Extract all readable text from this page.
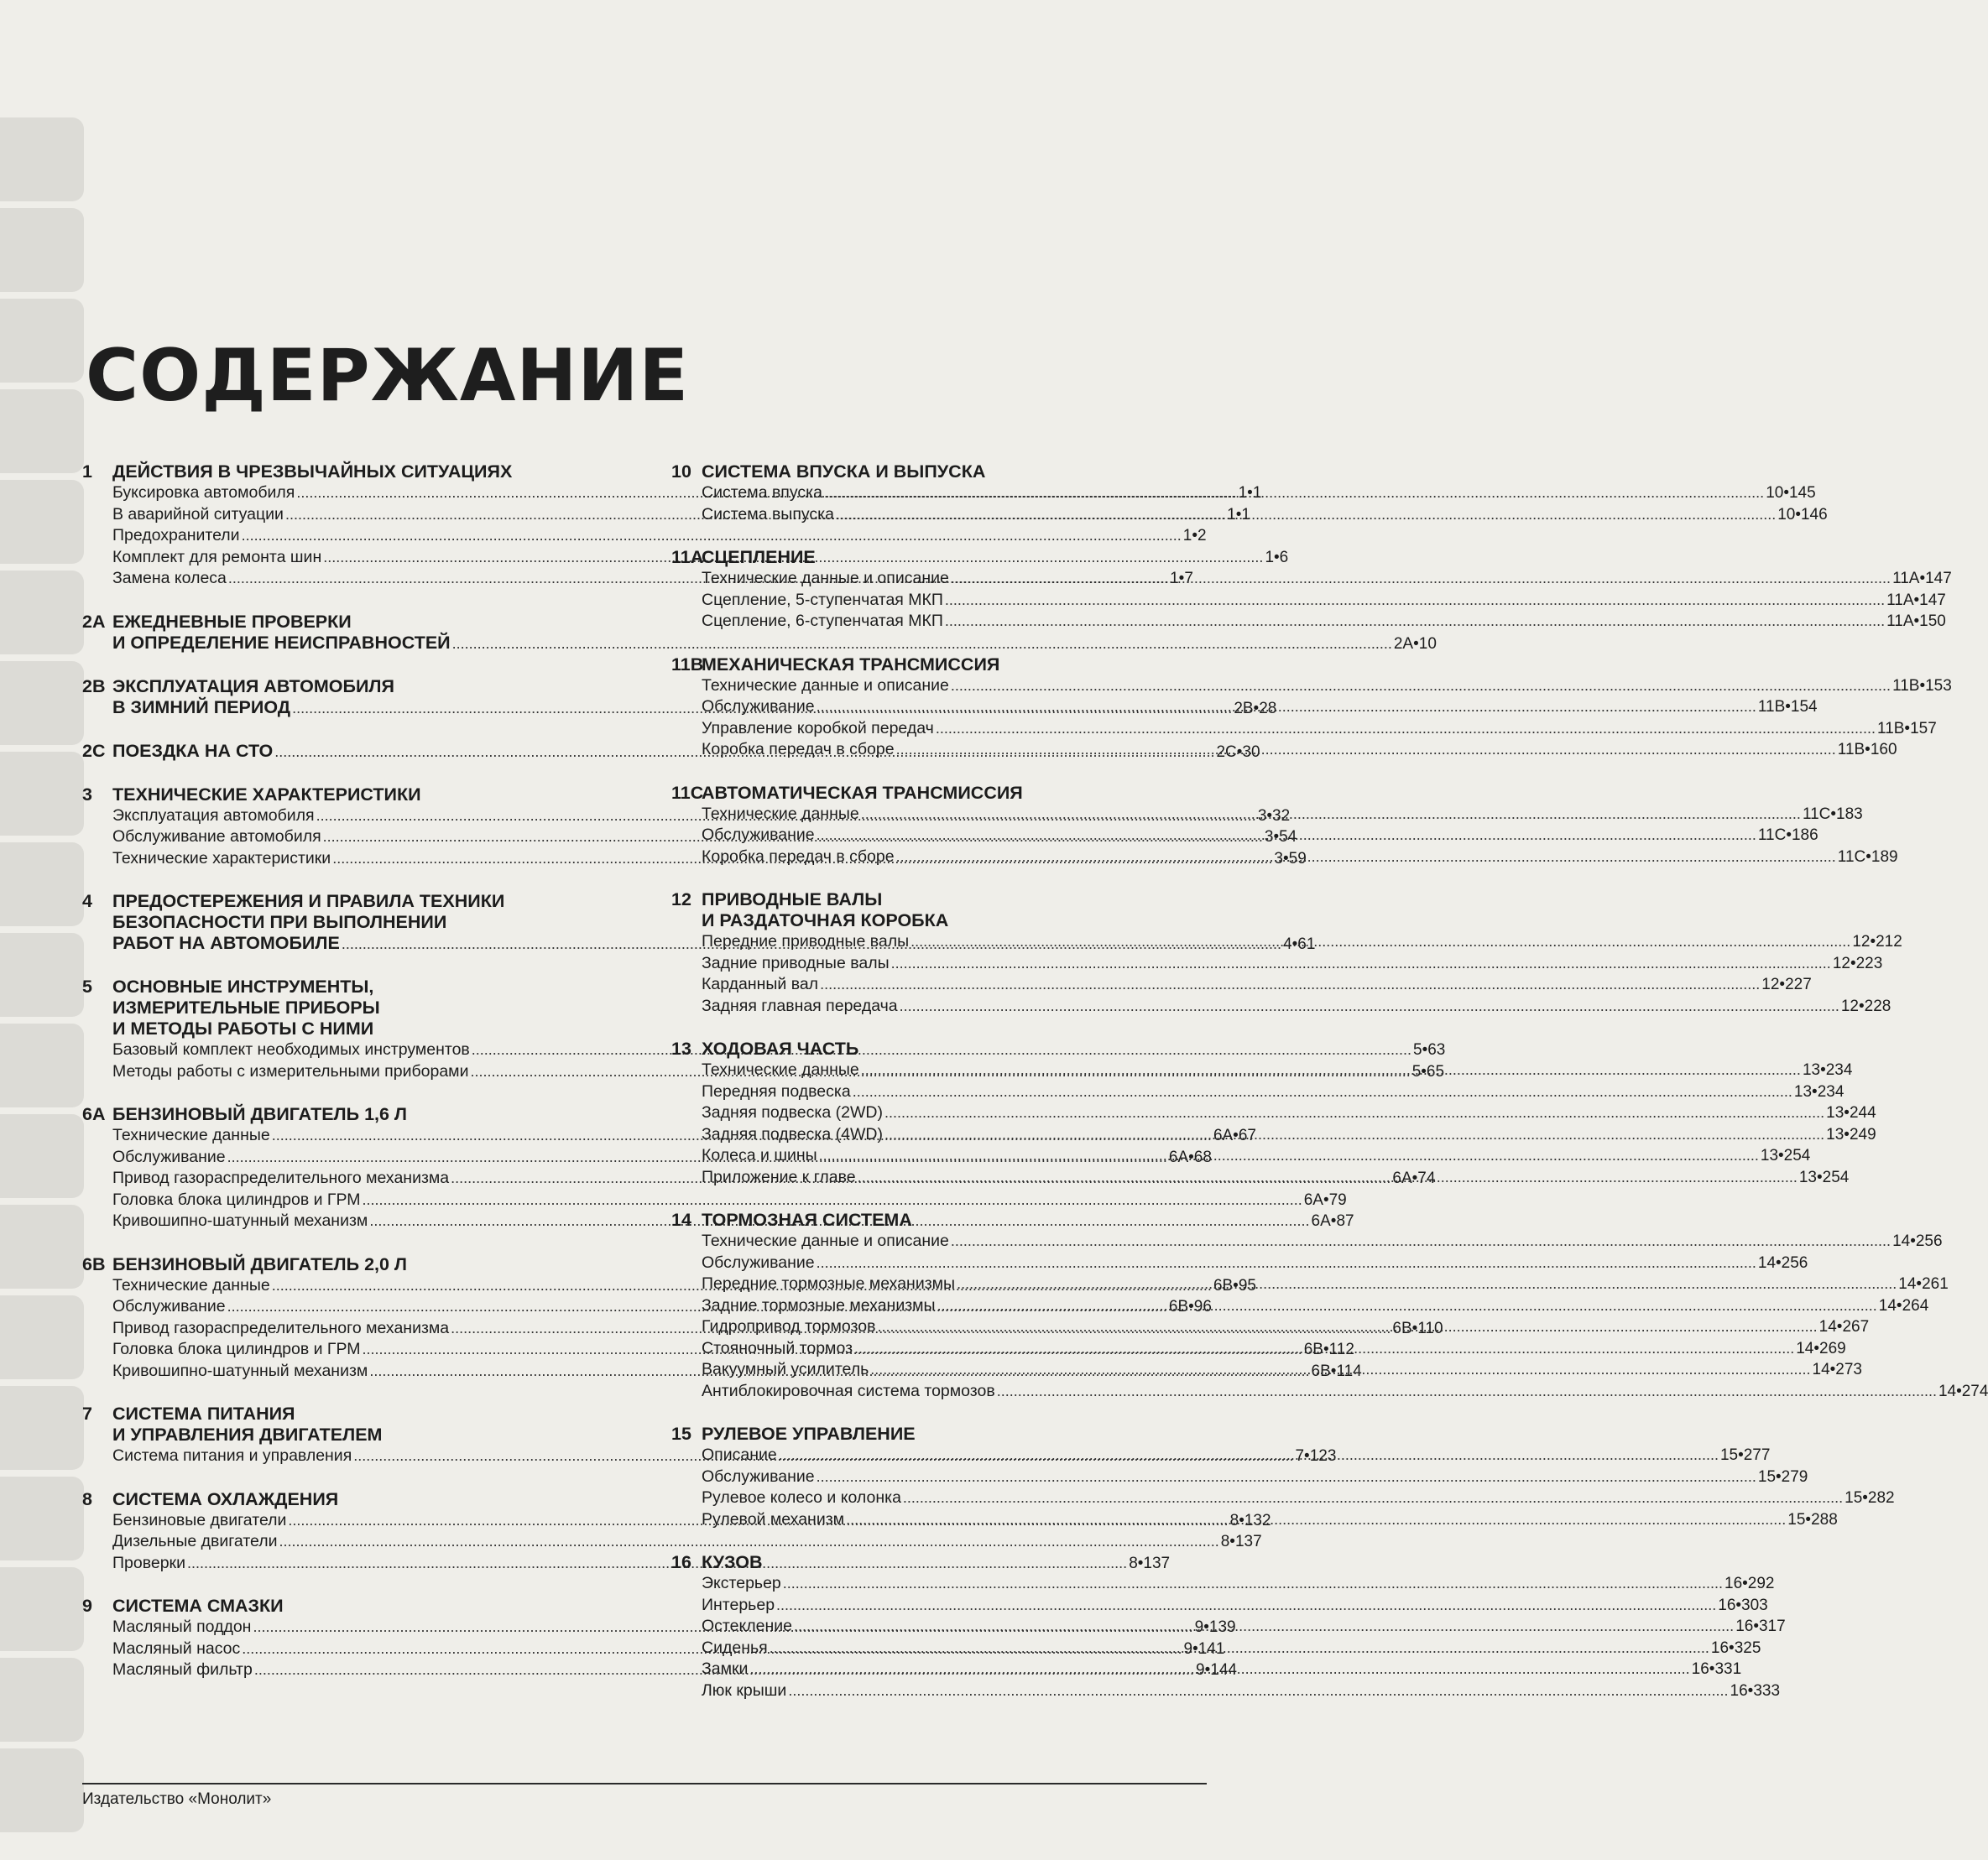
СОДЕРЖАНИЕ
1	ДЕЙСТВИЯ В ЧРЕЗВЫЧАЙНЫХ СИТУАЦИЯХ
Буксировка автомобиля .....	1•1
В аварийной ситуации .....	1•1
Предохранители .....	1•2
Комплект для ремонта шин .....	1•6
Замена колеса .....	1•7
2A ЕЖЕДНЕВНЫЕ ПРОВЕРКИ
И ОПРЕДЕЛЕНИЕ НЕИСПРАВНОСТЕЙ .....	2A•10
2B ЭКСПЛУАТАЦИЯ АВТОМОБИЛЯ
В ЗИМНИЙ ПЕРИОД .....	2B•28
2C ПОЕЗДКА НА СТО .....	2C•30
3	ТЕХНИЧЕСКИЕ ХАРАКТЕРИСТИКИ
Эксплуатация автомобиля .....	3•32
Обслуживание автомобиля .....	3•54
Технические характеристики .....	3•59
4	ПРЕДОСТЕРЕЖЕНИЯ И ПРАВИЛА ТЕХНИКИ
БЕЗОПАСНОСТИ ПРИ ВЫПОЛНЕНИИ
РАБОТ НА АВТОМОБИЛЕ .....	4•61
5	ОСНОВНЫЕ ИНСТРУМЕНТЫ,
ИЗМЕРИТЕЛЬНЫЕ ПРИБОРЫ
И МЕТОДЫ РАБОТЫ С НИМИ
Базовый комплект необходимых инструментов .....	5•63
Методы работы с измерительными приборами .....	5•65
6A БЕНЗИНОВЫЙ ДВИГАТЕЛЬ 1,6 Л
Технические данные .....	6A•67
Обслуживание .....	6A•68
Привод газораспределительного механизма .....	6A•74
Головка блока цилиндров и ГРМ .....	6A•79
Кривошипно-шатунный механизм .....	6A•87
6B БЕНЗИНОВЫЙ ДВИГАТЕЛЬ 2,0 Л
Технические данные .....	6B•95
Обслуживание .....	6B•96
Привод газораспределительного механизма .....	6B•110
Головка блока цилиндров и ГРМ .....	6B•112
Кривошипно-шатунный механизм .....	6B•114
7	СИСТЕМА ПИТАНИЯ
И УПРАВЛЕНИЯ ДВИГАТЕЛЕМ
Система питания и управления .....	7•123
8	СИСТЕМА ОХЛАЖДЕНИЯ
Бензиновые двигатели .....	8•132
Дизельные двигатели .....	8•137
Проверки .....	8•137
9	СИСТЕМА СМАЗКИ
Масляный поддон .....	9•139
Масляный насос .....	9•141
Масляный фильтр .....	9•144
10 СИСТЕМА ВПУСКА И ВЫПУСКА
Система впуска .....	10•145
Система выпуска .....	10•146
11A
СЦЕПЛЕНИЕ
Технические данные и описание .....	11A•147
Сцепление, 5-ступенчатая МКП .....	11A•147
Сцепление, 6-ступенчатая МКП .....	11A•150
11B
МЕХАНИЧЕСКАЯ ТРАНСМИССИЯ
Технические данные и описание .....	11B•153
Обслуживание .....	11B•154
Управление коробкой передач .....	11B•157
Коробка передач в сборе .....	11B•160
11C
АВТОМАТИЧЕСКАЯ ТРАНСМИССИЯ
Технические данные .....	11C•183
Обслуживание .....	11C•186
Коробка передач в сборе .....	11C•189
12 ПРИВОДНЫЕ ВАЛЫ
И РАЗДАТОЧНАЯ КОРОБКА
Передние приводные валы .....	12•212
Задние приводные валы .....	12•223
Карданный вал .....	12•227
Задняя главная передача .....	12•228
13 ХОДОВАЯ ЧАСТЬ
Технические данные .....	13•234
Передняя подвеска .....	13•234
Задняя подвеска (2WD) .....	13•244
Задняя подвеска (4WD) .....	13•249
Колеса и шины .....	13•254
Приложение к главе .....	13•254
14 ТОРМОЗНАЯ СИСТЕМА
Технические данные и описание .....	14•256
Обслуживание .....	14•256
Передние тормозные механизмы .....	14•261
Задние тормозные механизмы .....	14•264
Гидропривод тормозов .....	14•267
Стояночный тормоз .....	14•269
Вакуумный усилитель .....	14•273
Антиблокировочная система тормозов .....	14•274
15 РУЛЕВОЕ УПРАВЛЕНИЕ
Описание .....	15•277
Обслуживание .....	15•279
Рулевое колесо и колонка .....	15•282
Рулевой механизм .....	15•288
16 КУЗОВ
Экстерьер .....	16•292
Интерьер .....	16•303
Остекление .....	16•317
Сиденья .....	16•325
Замки .....	16•331
Люк крыши .....	16•333
Издательство «Монолит»
